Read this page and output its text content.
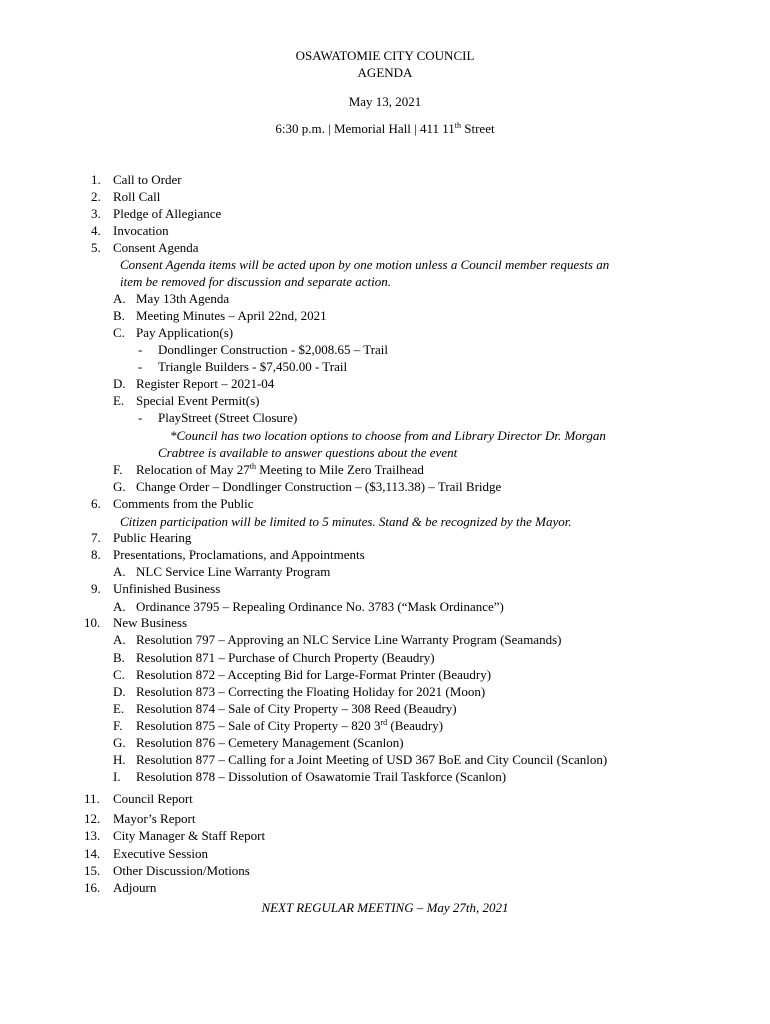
OSAWATOMIE CITY COUNCIL
AGENDA
May 13, 2021
6:30 p.m. | Memorial Hall | 411 11th Street
1. Call to Order
2. Roll Call
3. Pledge of Allegiance
4. Invocation
5. Consent Agenda
Consent Agenda items will be acted upon by one motion unless a Council member requests an
item be removed for discussion and separate action.
A. May 13th Agenda
B. Meeting Minutes – April 22nd, 2021
C. Pay Application(s)
- Dondlinger Construction - $2,008.65 – Trail
- Triangle Builders - $7,450.00 - Trail
D. Register Report – 2021-04
E. Special Event Permit(s)
- PlayStreet (Street Closure)
*Council has two location options to choose from and Library Director Dr. Morgan
Crabtree is available to answer questions about the event
F. Relocation of May 27th Meeting to Mile Zero Trailhead
G. Change Order – Dondlinger Construction – ($3,113.38) – Trail Bridge
6. Comments from the Public
Citizen participation will be limited to 5 minutes. Stand & be recognized by the Mayor.
7. Public Hearing
8. Presentations, Proclamations, and Appointments
A. NLC Service Line Warranty Program
9. Unfinished Business
A. Ordinance 3795 – Repealing Ordinance No. 3783 (“Mask Ordinance”)
10. New Business
A. Resolution 797 – Approving an NLC Service Line Warranty Program (Seamands)
B. Resolution 871 – Purchase of Church Property (Beaudry)
C. Resolution 872 – Accepting Bid for Large-Format Printer (Beaudry)
D. Resolution 873 – Correcting the Floating Holiday for 2021 (Moon)
E. Resolution 874 – Sale of City Property – 308 Reed (Beaudry)
F. Resolution 875 – Sale of City Property – 820 3rd (Beaudry)
G. Resolution 876 – Cemetery Management (Scanlon)
H. Resolution 877 – Calling for a Joint Meeting of USD 367 BoE and City Council (Scanlon)
I. Resolution 878 – Dissolution of Osawatomie Trail Taskforce (Scanlon)
11. Council Report
12. Mayor’s Report
13. City Manager & Staff Report
14. Executive Session
15. Other Discussion/Motions
16. Adjourn
NEXT REGULAR MEETING – May 27th, 2021
